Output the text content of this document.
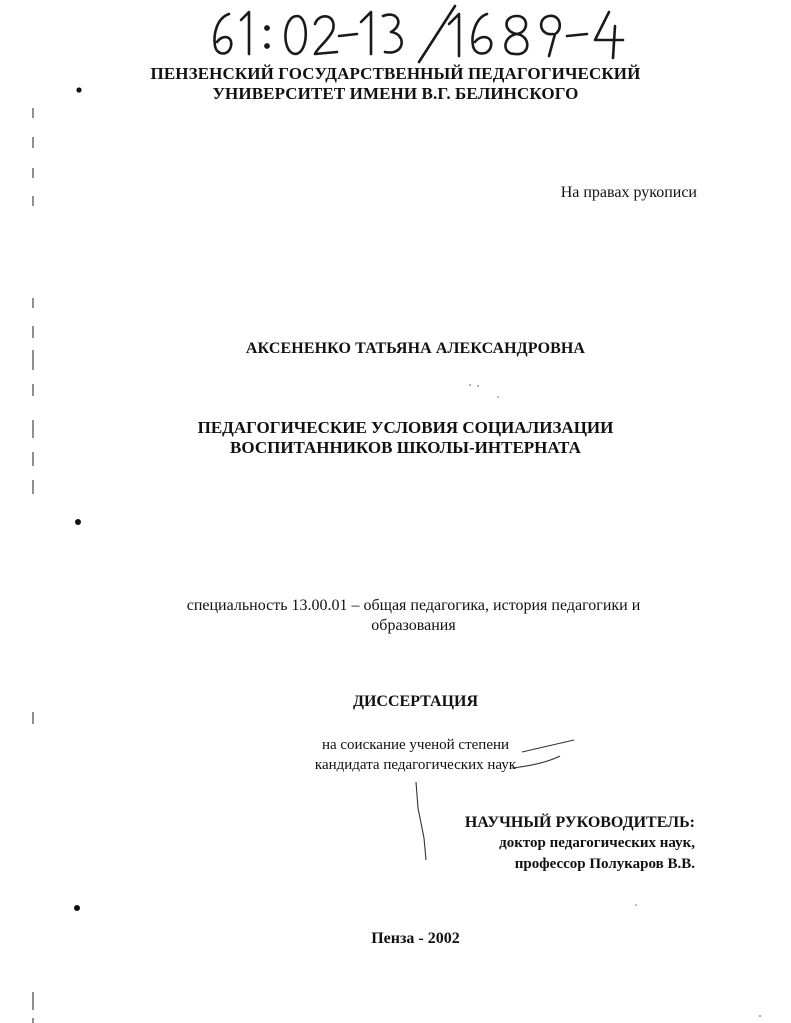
ПЕНЗЕНСКИЙ ГОСУДАРСТВЕННЫЙ ПЕДАГОГИЧЕСКИЙ
УНИВЕРСИТЕТ ИМЕНИ В.Г. БЕЛИНСКОГО
На правах рукописи
АКСЕНЕНКО ТАТЬЯНА АЛЕКСАНДРОВНА
ПЕДАГОГИЧЕСКИЕ УСЛОВИЯ СОЦИАЛИЗАЦИИ
ВОСПИТАННИКОВ ШКОЛЫ-ИНТЕРНАТА
специальность 13.00.01 – общая педагогика, история педагогики и
образования
ДИССЕРТАЦИЯ
на соискание ученой степени
кандидата педагогических наук
НАУЧНЫЙ РУКОВОДИТЕЛЬ:
доктор педагогических наук,
профессор Полукаров В.В.
Пенза - 2002
